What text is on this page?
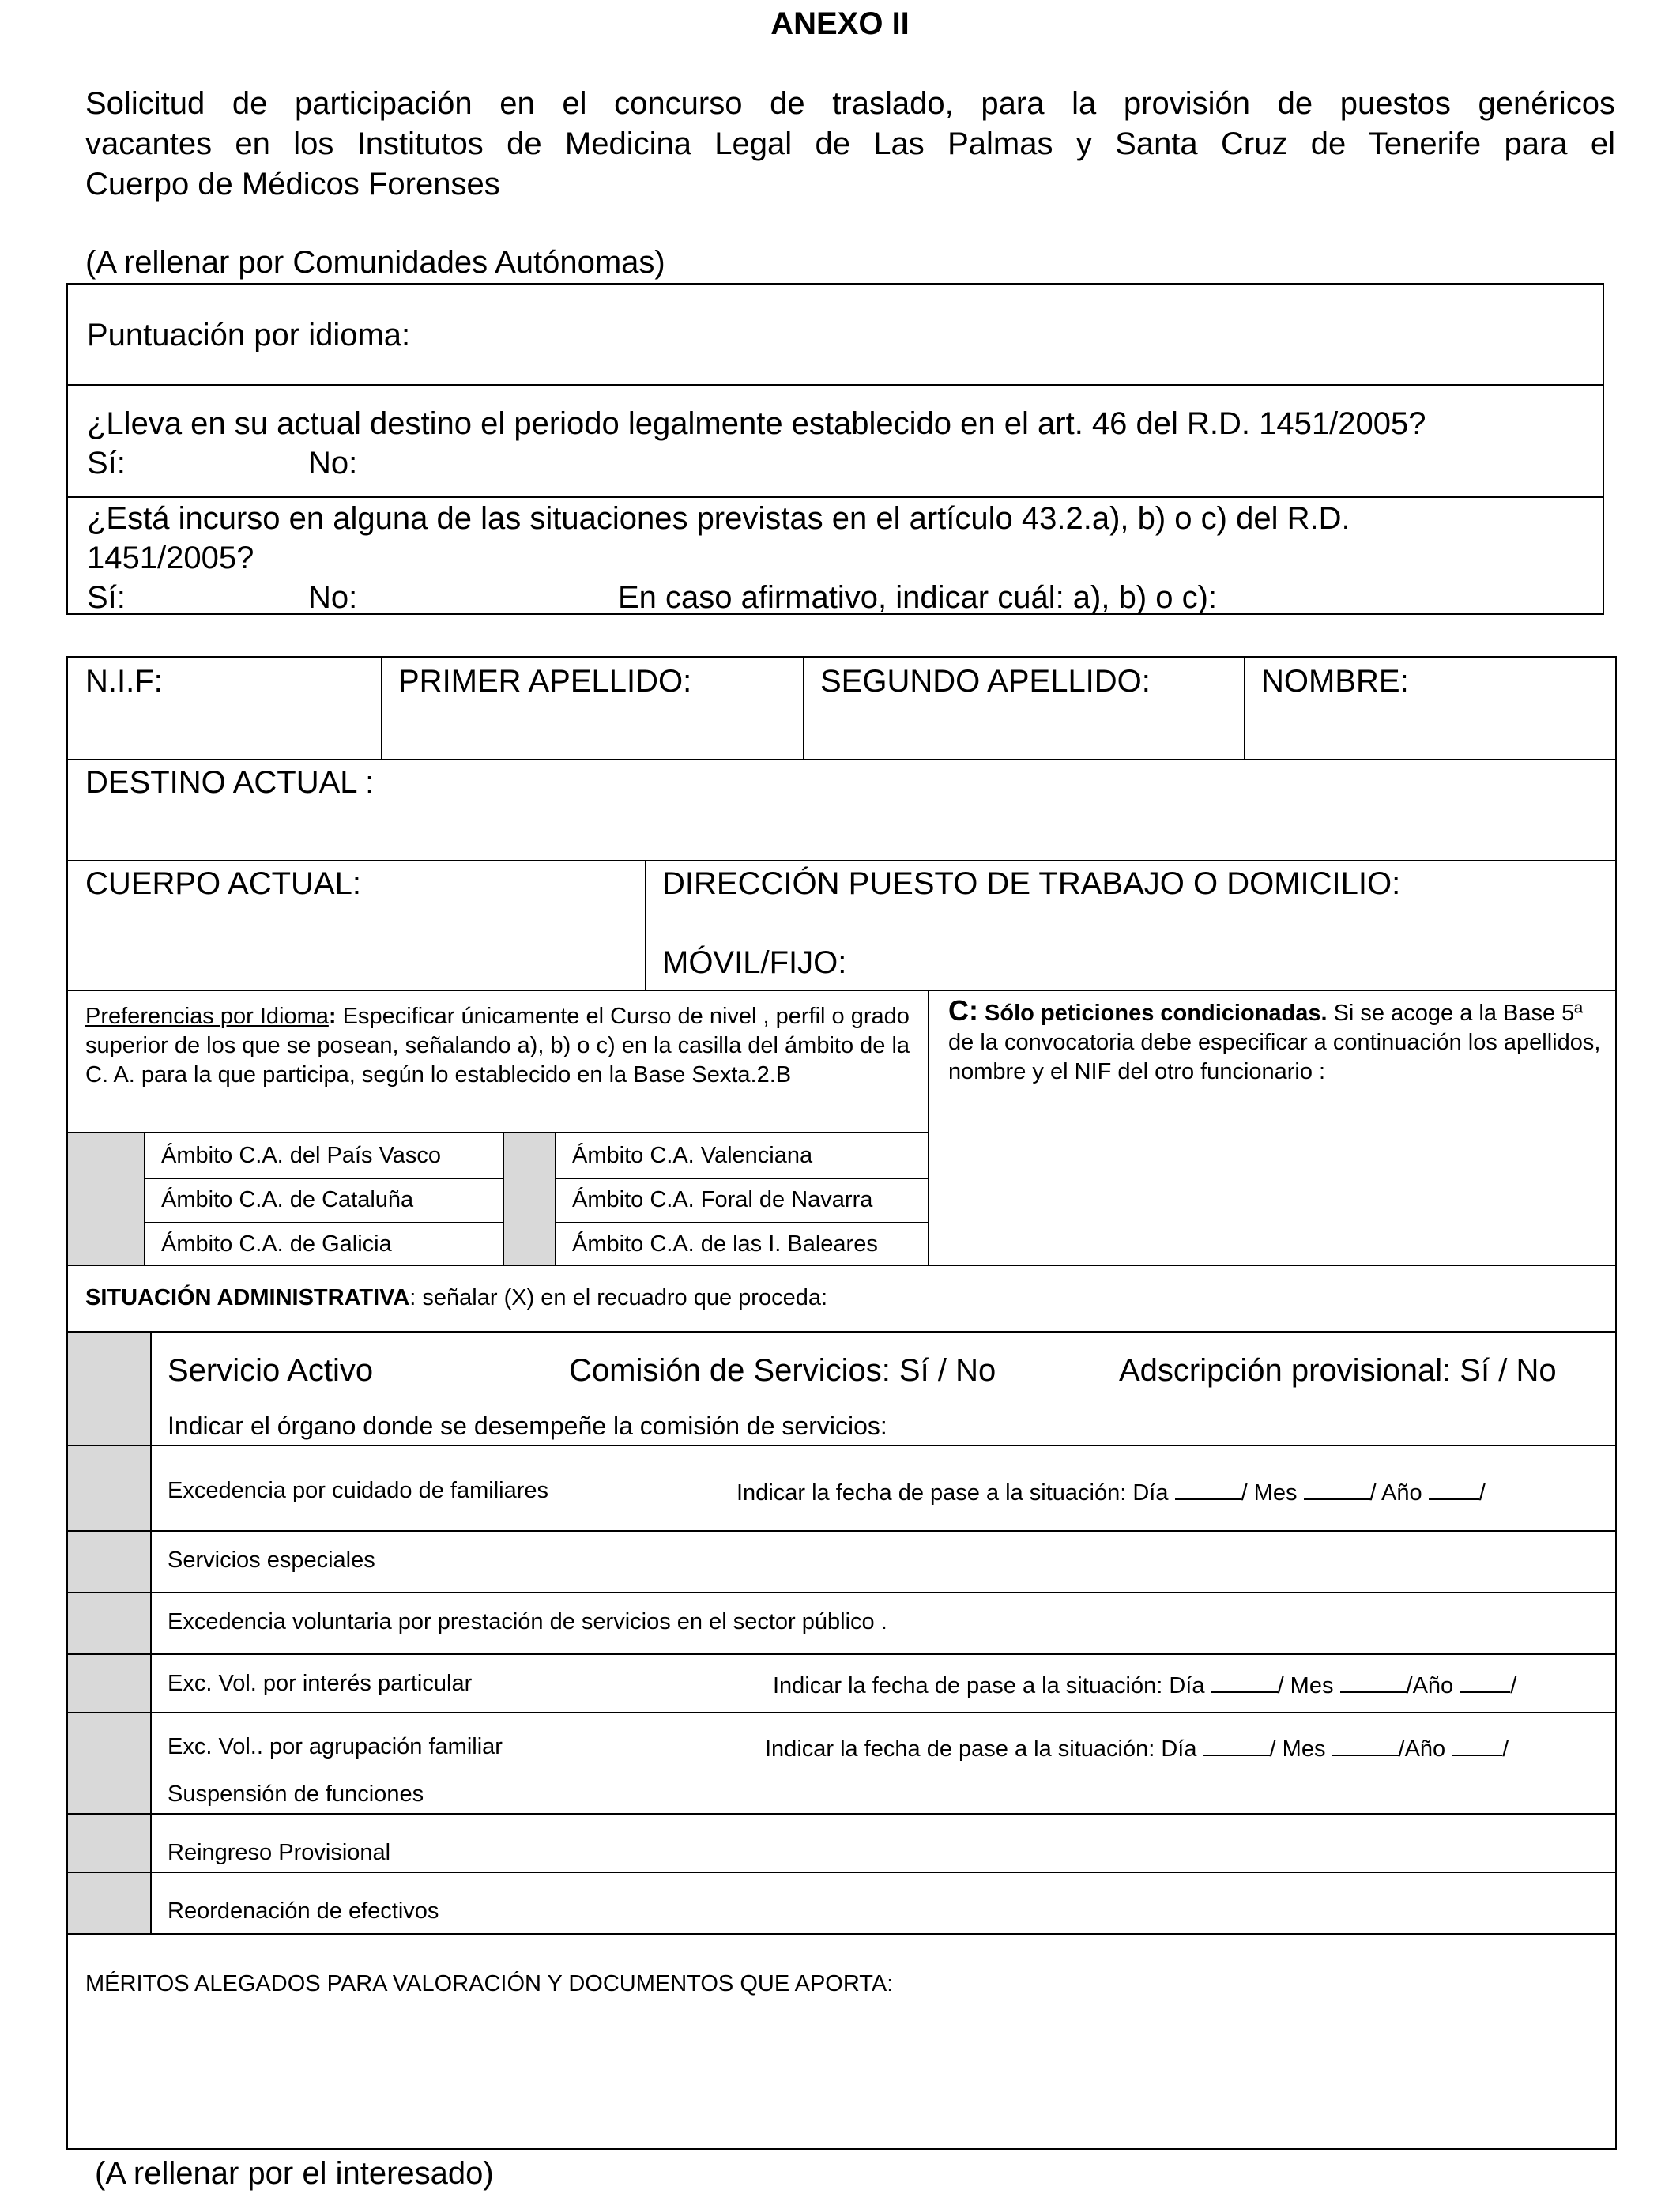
ANEXO II
Solicitud de participación en el concurso de traslado, para la provisión de puestos genéricos
vacantes en los Institutos de Medicina Legal de Las Palmas y Santa Cruz de Tenerife para el
Cuerpo de Médicos Forenses
(A rellenar por Comunidades Autónomas)
Puntuación por idioma:
¿Lleva en su actual destino el periodo legalmente establecido en el art. 46 del R.D. 1451/2005?
Sí:	No:
¿Está incurso en alguna de las situaciones previstas en el artículo 43.2.a), b) o c) del R.D.
1451/2005?
Sí:	No:	En caso afirmativo, indicar cuál: a), b) o c):
N.I.F:	PRIMER APELLIDO:	SEGUNDO APELLIDO:	NOMBRE:
DESTINO ACTUAL :
CUERPO ACTUAL:	DIRECCIÓN PUESTO DE TRABAJO O DOMICILIO:
MÓVIL/FIJO:
Preferencias por Idioma: Especificar únicamente el Curso de nivel , perfil o grado superior de los que se posean, señalando a), b) o c) en la casilla del ámbito de la C. A. para la que participa, según lo establecido en la Base Sexta.2.B
C: Sólo peticiones condicionadas. Si se acoge a la Base 5ª de la convocatoria debe especificar a continuación los apellidos, nombre y el NIF del otro funcionario :
Ámbito C.A. del País Vasco	Ámbito C.A. Valenciana
Ámbito C.A. de Cataluña	Ámbito C.A. Foral de Navarra
Ámbito C.A. de Galicia	Ámbito C.A. de las I. Baleares
SITUACIÓN ADMINISTRATIVA: señalar (X) en el recuadro que proceda:
Servicio Activo	Comisión de Servicios: Sí / No	Adscripción provisional: Sí / No
Indicar el órgano donde se desempeñe la comisión de servicios:
Excedencia por cuidado de familiares	Indicar la fecha de pase a la situación: Día	/ Mes	/ Año /
Servicios especiales
Excedencia voluntaria por prestación de servicios en el sector público .
Exc. Vol. por interés particular	Indicar la fecha de pase a la situación: Día	/ Mes	/Año /
Exc. Vol.. por agrupación familiar	Indicar la fecha de pase a la situación: Día	/ Mes	/Año /
Suspensión de funciones
Reingreso Provisional
Reordenación de efectivos
MÉRITOS ALEGADOS PARA VALORACIÓN Y DOCUMENTOS QUE APORTA:
(A rellenar por el interesado)
